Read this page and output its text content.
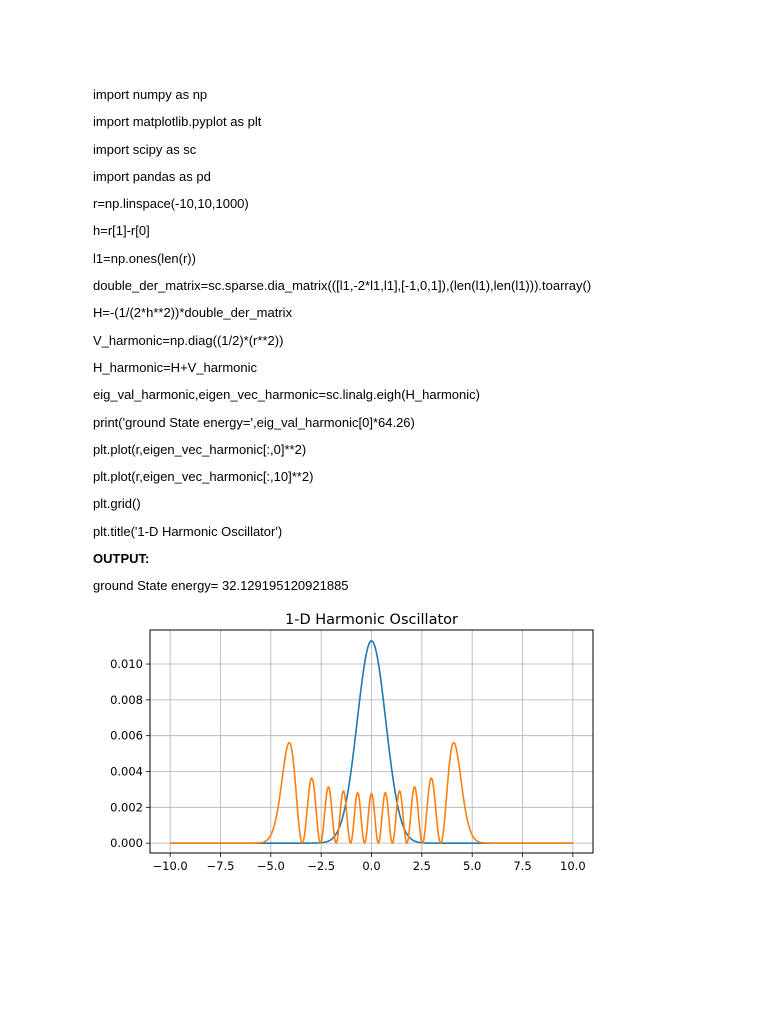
import numpy as np
import matplotlib.pyplot as plt
import scipy as sc
import pandas as pd
r=np.linspace(-10,10,1000)
h=r[1]-r[0]
l1=np.ones(len(r))
double_der_matrix=sc.sparse.dia_matrix(([l1,-2*l1,l1],[-1,0,1]),(len(l1),len(l1))).toarray()
H=-(1/(2*h**2))*double_der_matrix
V_harmonic=np.diag((1/2)*(r**2))
H_harmonic=H+V_harmonic
eig_val_harmonic,eigen_vec_harmonic=sc.linalg.eigh(H_harmonic)
print('ground State energy=',eig_val_harmonic[0]*64.26)
plt.plot(r,eigen_vec_harmonic[:,0]**2)
plt.plot(r,eigen_vec_harmonic[:,10]**2)
plt.grid()
plt.title('1-D Harmonic Oscillator')
OUTPUT:
ground State energy= 32.129195120921885
−10.0 −7.5 −5.0 −2.5 0.0	2.5	5.0	7.5 10.0
0.000
0.002
0.004
0.006
0.008
0.010
1-D Harmonic Oscillator
